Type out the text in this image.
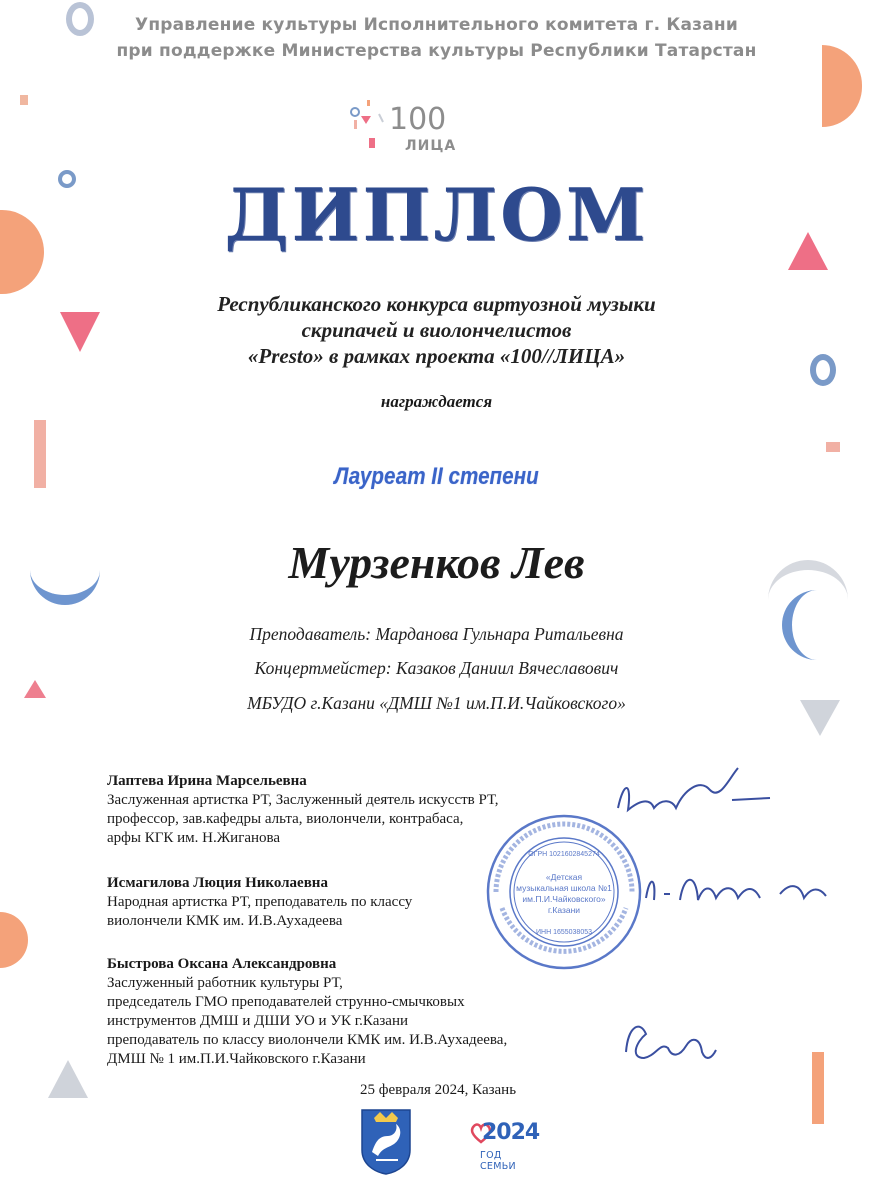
Управление культуры Исполнительного комитета г. Казани
при поддержке Министерства культуры Республики Татарстан
100
ЛИЦА
ДИПЛОМ
Республиканского конкурса виртуозной музыки
скрипачей и виолончелистов
«Presto» в рамках проекта «100//ЛИЦА»
награждается
Лауреат II степени
Мурзенков Лев
Преподаватель: Марданова Гульнара Ритальевна
Концертмейстер: Казаков Даниил Вячеславович
МБУДО г.Казани «ДМШ №1 им.П.И.Чайковского»
Лаптева Ирина Марсельевна
Заслуженная артистка РТ, Заслуженный деятель искусств РТ,
профессор, зав.кафедры альта, виолончели, контрабаса,
арфы КГК им. Н.Жиганова
Исмагилова Люция Николаевна
Народная артистка РТ, преподаватель по классу
виолончели КМК им. И.В.Аухадеева
Быстрова Оксана Александровна
Заслуженный работник культуры РТ,
председатель ГМО преподавателей струнно-смычковых
инструментов ДМШ и ДШИ УО и УК г.Казани
преподаватель по классу виолончели КМК им. И.В.Аухадеева,
ДМШ № 1 им.П.И.Чайковского г.Казани
«Детская
музыкальная школа №1
им.П.И.Чайковского»
г.Казани
ОГРН 1021602845274
ИНН 1655038053
25 февраля 2024, Казань
2024
ГОД СЕМЬИ
